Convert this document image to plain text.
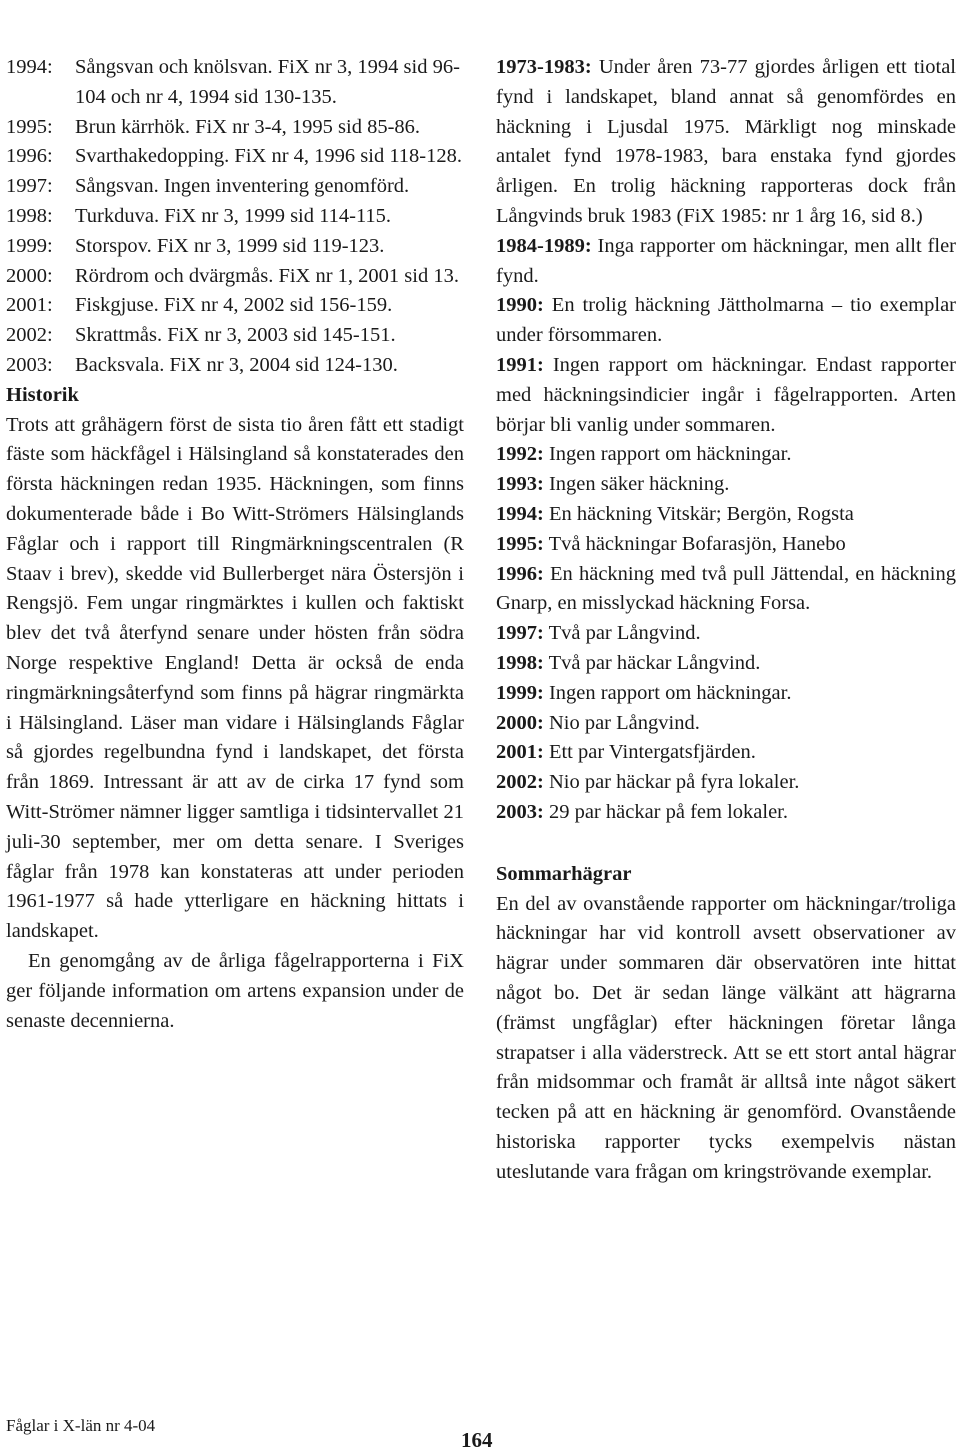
1994:	Sångsvan och knölsvan. FiX nr 3, 1994 sid 96-104 och nr 4, 1994 sid 130-135.
1995:	Brun kärrhök. FiX nr 3-4, 1995 sid 85-86.
1996:	Svarthakedopping. FiX nr 4, 1996 sid 118-128.
1997:	Sångsvan. Ingen inventering genomförd.
1998:	Turkduva. FiX nr 3, 1999 sid 114-115.
1999:	Storspov. FiX nr 3, 1999 sid 119-123.
2000:	Rördrom och dvärgmås. FiX nr 1, 2001 sid 13.
2001:	Fiskgjuse. FiX nr 4, 2002 sid 156-159.
2002:	Skrattmås. FiX nr 3, 2003 sid 145-151.
2003:	Backsvala. FiX nr 3, 2004 sid 124-130.
Historik

Trots att gråhägern först de sista tio åren fått ett stadigt fäste som häckfågel i Hälsingland så konstaterades den första häckningen redan 1935. Häckningen, som finns dokumenterade både i Bo Witt-Strömers Hälsinglands Fåglar och i rapport till Ringmärkningscentralen (R Staav i brev), skedde vid Bullerberget nära Östersjön i Rengsjö. Fem ungar ringmärktes i kullen och faktiskt blev det två återfynd senare under hösten från södra Norge respektive England! Detta är också de enda ringmärkningsåterfynd som finns på hägrar ringmärkta i Hälsingland. Läser man vidare i Hälsinglands Fåglar så gjordes regelbundna fynd i landskapet, det första från 1869. Intressant är att av de cirka 17 fynd som Witt-Strömer nämner ligger samtliga i tidsintervallet 21 juli-30 september, mer om detta senare. I Sveriges fåglar från 1978 kan konstateras att under perioden 1961-1977 så hade ytterligare en häckning hittats i landskapet.

En genomgång av de årliga fågelrapporterna i FiX ger följande information om artens expansion under de senaste decennierna.

1973-1983: Under åren 73-77 gjordes årligen ett tiotal fynd i landskapet, bland annat så genomfördes en häckning i Ljusdal 1975. Märkligt nog minskade antalet fynd 1978-1983, bara enstaka fynd gjordes årligen. En trolig häckning rapporteras dock från Långvinds bruk 1983 (FiX 1985: nr 1 årg 16, sid 8.)

1984-1989: Inga rapporter om häckningar, men allt fler fynd.

1990: En trolig häckning Jättholmarna – tio exemplar under försommaren.

1991: Ingen rapport om häckningar. Endast rapporter med häckningsindicier ingår i fågelrapporten. Arten börjar bli vanlig under sommaren.

1992: Ingen rapport om häckningar.

1993: Ingen säker häckning.

1994: En häckning Vitskär; Bergön, Rogsta

1995: Två häckningar Bofarasjön, Hanebo

1996: En häckning med två pull Jättendal, en häckning Gnarp, en misslyckad häckning Forsa.

1997: Två par Långvind.

1998: Två par häckar Långvind.

1999: Ingen rapport om häckningar.

2000: Nio par Långvind.

2001: Ett par Vintergatsfjärden.

2002: Nio par häckar på fyra lokaler.

2003: 29 par häckar på fem lokaler.

Sommarhägrar

En del av ovanstående rapporter om häckningar/troliga häckningar har vid kontroll avsett observationer av hägrar under sommaren där observatören inte hittat något bo. Det är sedan länge välkänt att hägrarna (främst ungfåglar) efter häckningen företar långa strapatser i alla väderstreck. Att se ett stort antal hägrar från midsommar och framåt är alltså inte något säkert tecken på att en häckning är genomförd. Ovanstående historiska rapporter tycks exempelvis nästan uteslutande vara frågan om kringströvande exemplar.

Fåglar i X-län nr 4-04
164
